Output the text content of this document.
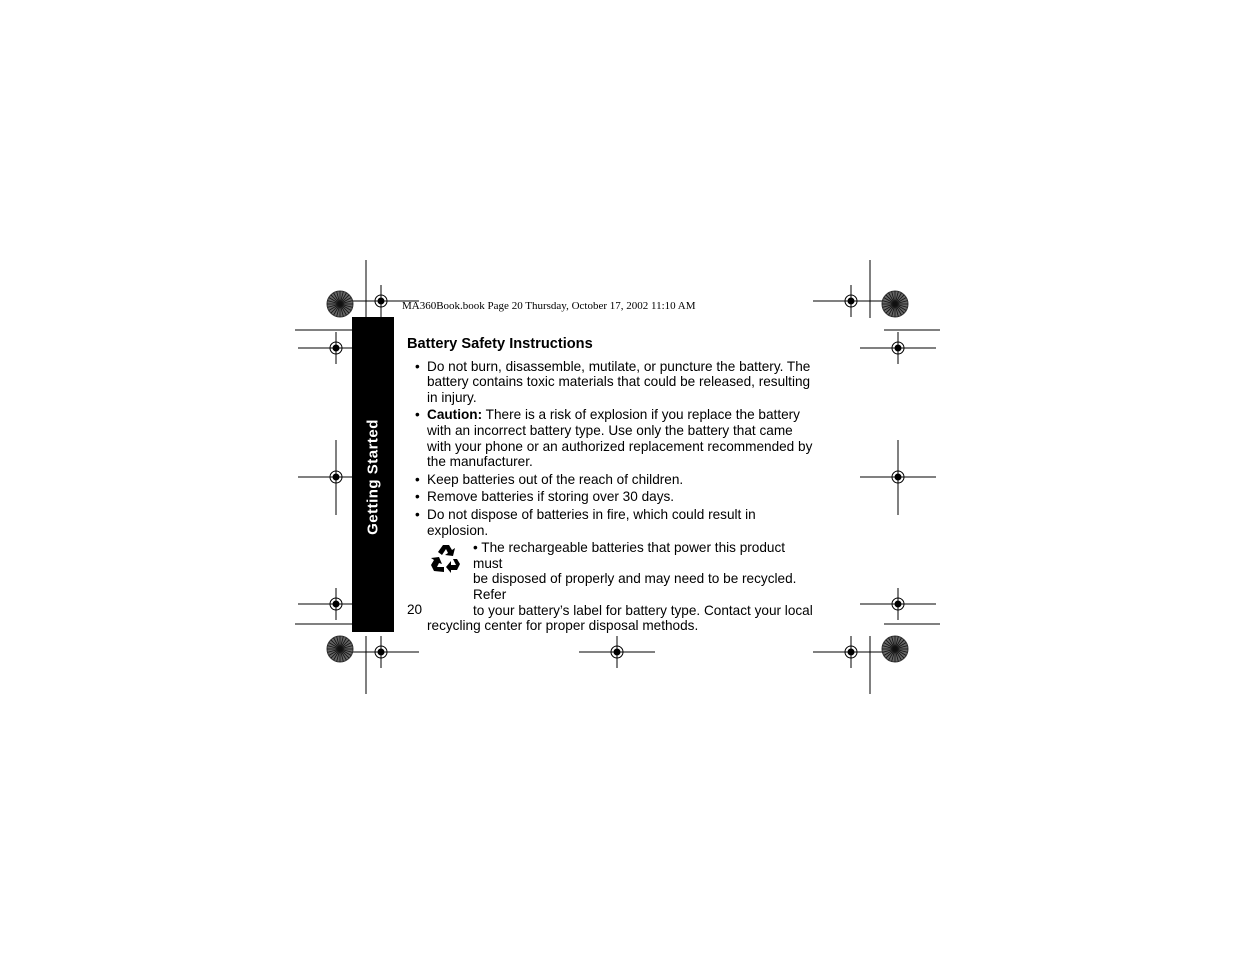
MA360Book.book Page 20 Thursday, October 17, 2002 11:10 AM
Getting Started
Battery Safety Instructions
• Do not burn, disassemble, mutilate, or puncture the battery. The battery contains toxic materials that could be released, resulting in injury.
• Caution: There is a risk of explosion if you replace the battery with an incorrect battery type. Use only the battery that came with your phone or an authorized replacement recommended by the manufacturer.
• Keep batteries out of the reach of children.
• Remove batteries if storing over 30 days.
• Do not dispose of batteries in fire, which could result in explosion.
• The rechargeable batteries that power this product must
be disposed of properly and may need to be recycled. Refer
to your battery’s label for battery type. Contact your local
recycling center for proper disposal methods.
20
